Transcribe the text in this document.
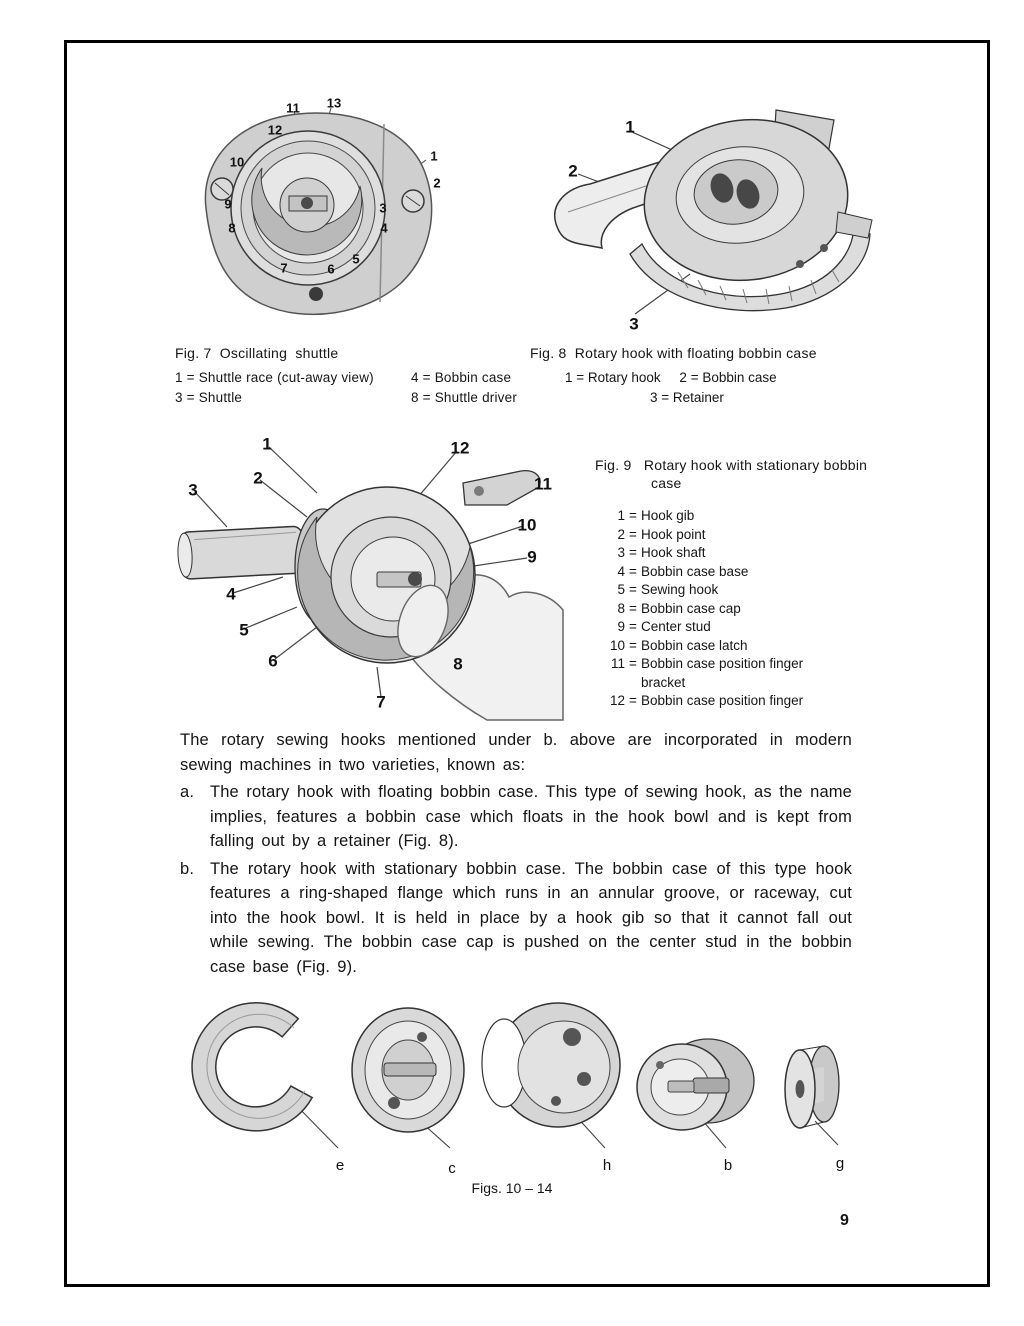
11 13
12
10	1
2
9	3
8	4
7	6
5
1
2
3
Fig. 7  Oscillating  shuttle	Fig. 8  Rotary hook with floating bobbin case
1 = Shuttle race (cut-away view)	4 = Bobbin case
3 = Shuttle	8 = Shuttle driver
1 = Rotary hook     2 = Bobbin case
3 = Retainer
1	12
2
3	11
10
9
4
5
6	8
7
Fig. 9   Rotary hook with stationary bobbin case
1 = Hook gib
2 = Hook point
3 = Hook shaft
4 = Bobbin case base
5 = Sewing hook
8 = Bobbin case cap
9 = Center stud
10 = Bobbin case latch
11 = Bobbin case position finger bracket
12 = Bobbin case position finger

The rotary sewing hooks mentioned under b. above are incorporated in modern sewing machines in two varieties, known as:

a. The rotary hook with floating bobbin case. This type of sewing hook, as the name implies, features a bobbin case which floats in the hook bowl and is kept from falling out by a retainer (Fig. 8).
b. The rotary hook with stationary bobbin case. The bobbin case of this type hook features a ring-shaped flange which runs in an annular groove, or raceway, cut into the hook bowl. It is held in place by a hook gib so that it cannot fall out while sewing. The bobbin case cap is pushed on the center stud in the bobbin case base (Fig. 9).
e	c	h	b	g
Figs. 10 – 14
9
